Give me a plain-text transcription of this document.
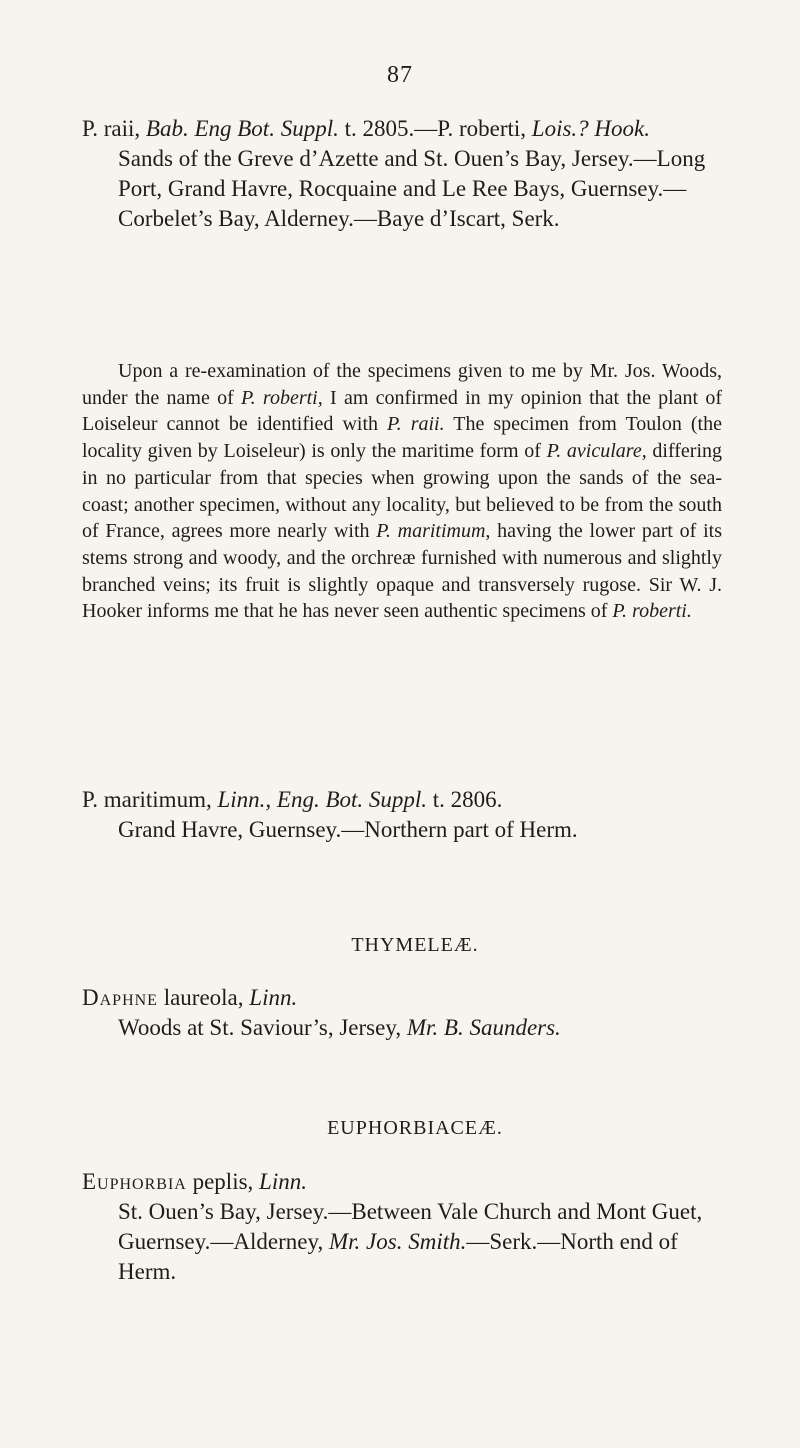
87

P. raii, Bab. Eng Bot. Suppl. t. 2805.—P. roberti, Lois.? Hook.

Sands of the Greve d’Azette and St. Ouen’s Bay, Jersey.—Long Port, Grand Havre, Rocquaine and Le Ree Bays, Guernsey.—Corbelet’s Bay, Alderney.—Baye d’Iscart, Serk.

Upon a re-examination of the specimens given to me by Mr. Jos. Woods, under the name of P. roberti, I am confirmed in my opinion that the plant of Loiseleur cannot be identified with P. raii. The specimen from Toulon (the locality given by Loiseleur) is only the maritime form of P. aviculare, differing in no particular from that species when growing upon the sands of the sea-coast; another specimen, without any locality, but believed to be from the south of France, agrees more nearly with P. maritimum, having the lower part of its stems strong and woody, and the orchreæ furnished with numerous and slightly branched veins; its fruit is slightly opaque and transversely rugose. Sir W. J. Hooker informs me that he has never seen authentic specimens of P. roberti.

P. maritimum, Linn., Eng. Bot. Suppl. t. 2806.

Grand Havre, Guernsey.—Northern part of Herm.

THYMELEÆ.

Daphne laureola, Linn.

Woods at St. Saviour’s, Jersey, Mr. B. Saunders.

EUPHORBIACEÆ.

Euphorbia peplis, Linn.

St. Ouen’s Bay, Jersey.—Between Vale Church and Mont Guet, Guernsey.—Alderney, Mr. Jos. Smith.—Serk.—North end of Herm.
